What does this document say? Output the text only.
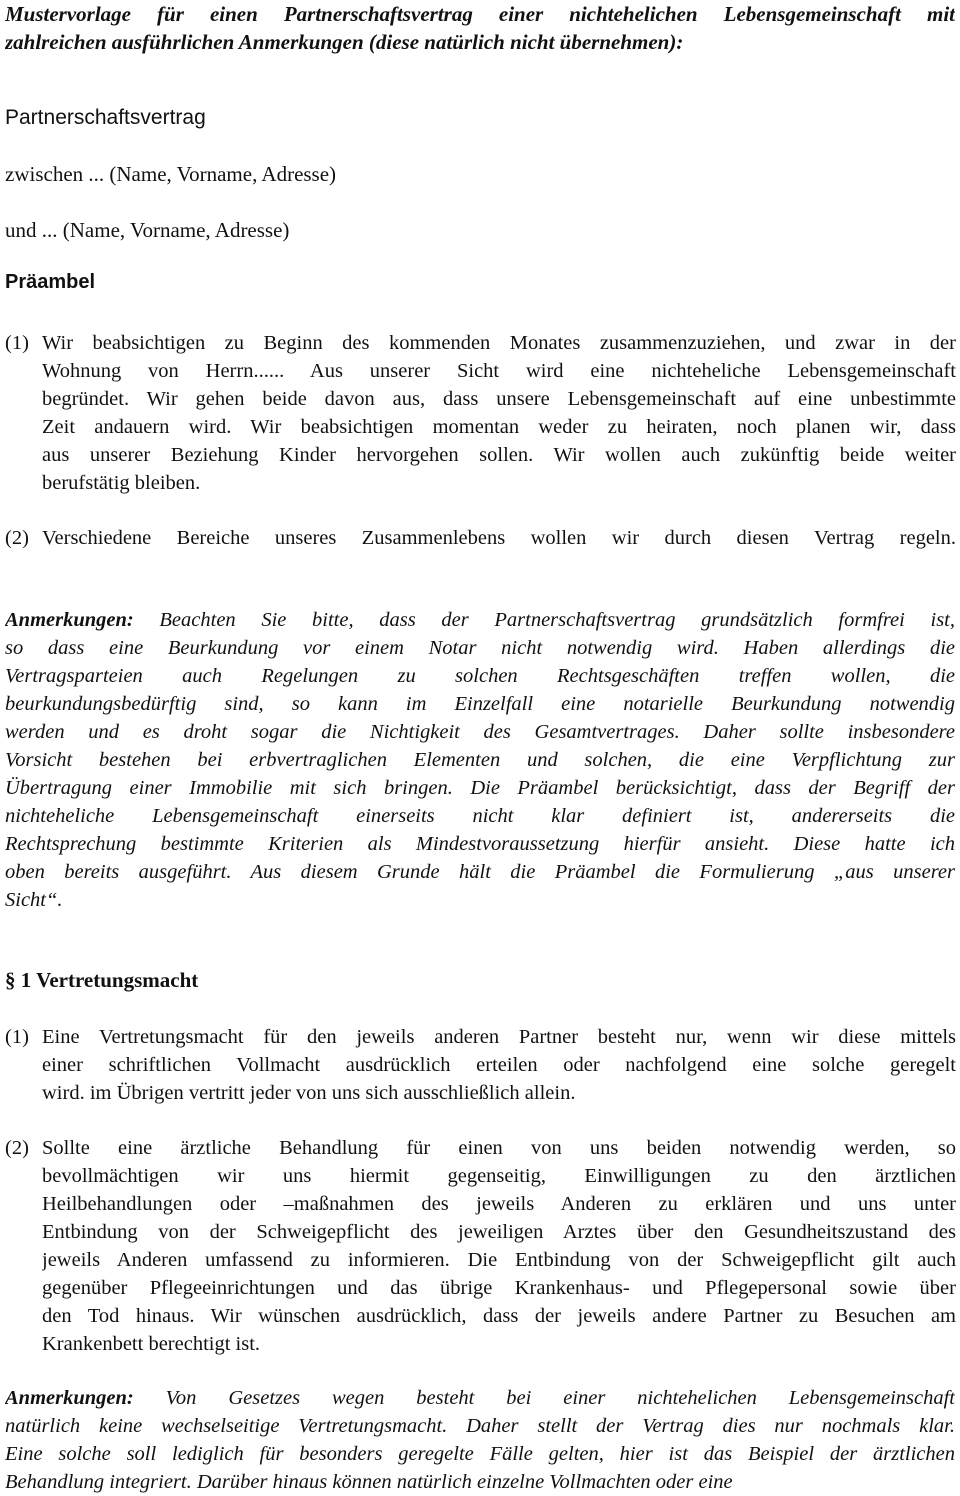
Mustervorlage für einen Partnerschaftsvertrag einer nichtehelichen Lebensgemeinschaft mit
zahlreichen ausführlichen Anmerkungen (diese natürlich nicht übernehmen):
Partnerschaftsvertrag
zwischen ... (Name, Vorname, Adresse)
und ... (Name, Vorname, Adresse)
Präambel
(1) Wir beabsichtigen zu Beginn des kommenden Monates zusammenzuziehen, und zwar in der
Wohnung von Herrn...... Aus unserer Sicht wird eine nichteheliche Lebensgemeinschaft
begründet. Wir gehen beide davon aus, dass unsere Lebensgemeinschaft auf eine unbestimmte
Zeit andauern wird. Wir beabsichtigen momentan weder zu heiraten, noch planen wir, dass
aus unserer Beziehung Kinder hervorgehen sollen. Wir wollen auch zukünftig beide weiter
berufstätig bleiben.
(2) Verschiedene Bereiche unseres Zusammenlebens wollen wir durch diesen Vertrag regeln.
Anmerkungen: Beachten Sie bitte, dass der Partnerschaftsvertrag grundsätzlich formfrei ist,
so dass eine Beurkundung vor einem Notar nicht notwendig wird. Haben allerdings die
Vertragsparteien auch Regelungen zu solchen Rechtsgeschäften treffen wollen, die
beurkundungsbedürftig sind, so kann im Einzelfall eine notarielle Beurkundung notwendig
werden und es droht sogar die Nichtigkeit des Gesamtvertrages. Daher sollte insbesondere
Vorsicht bestehen bei erbvertraglichen Elementen und solchen, die eine Verpflichtung zur
Übertragung einer Immobilie mit sich bringen. Die Präambel berücksichtigt, dass der Begriff der
nichteheliche Lebensgemeinschaft einerseits nicht klar definiert ist, andererseits die
Rechtsprechung bestimmte Kriterien als Mindestvoraussetzung hierfür ansieht. Diese hatte ich
oben bereits ausgeführt. Aus diesem Grunde hält die Präambel die Formulierung „aus unserer
Sicht“.
§ 1 Vertretungsmacht
(1) Eine Vertretungsmacht für den jeweils anderen Partner besteht nur, wenn wir diese mittels
einer schriftlichen Vollmacht ausdrücklich erteilen oder nachfolgend eine solche geregelt
wird. im Übrigen vertritt jeder von uns sich ausschließlich allein.
(2) Sollte eine ärztliche Behandlung für einen von uns beiden notwendig werden, so
bevollmächtigen wir uns hiermit gegenseitig, Einwilligungen zu den ärztlichen
Heilbehandlungen oder –maßnahmen des jeweils Anderen zu erklären und uns unter
Entbindung von der Schweigepflicht des jeweiligen Arztes über den Gesundheitszustand des
jeweils Anderen umfassend zu informieren. Die Entbindung von der Schweigepflicht gilt auch
gegenüber Pflegeeinrichtungen und das übrige Krankenhaus- und Pflegepersonal sowie über
den Tod hinaus. Wir wünschen ausdrücklich, dass der jeweils andere Partner zu Besuchen am
Krankenbett berechtigt ist.
Anmerkungen: Von Gesetzes wegen besteht bei einer nichtehelichen Lebensgemeinschaft
natürlich keine wechselseitige Vertretungsmacht. Daher stellt der Vertrag dies nur nochmals klar.
Eine solche soll lediglich für besonders geregelte Fälle gelten, hier ist das Beispiel der ärztlichen
Behandlung integriert. Darüber hinaus können natürlich einzelne Vollmachten oder eine
